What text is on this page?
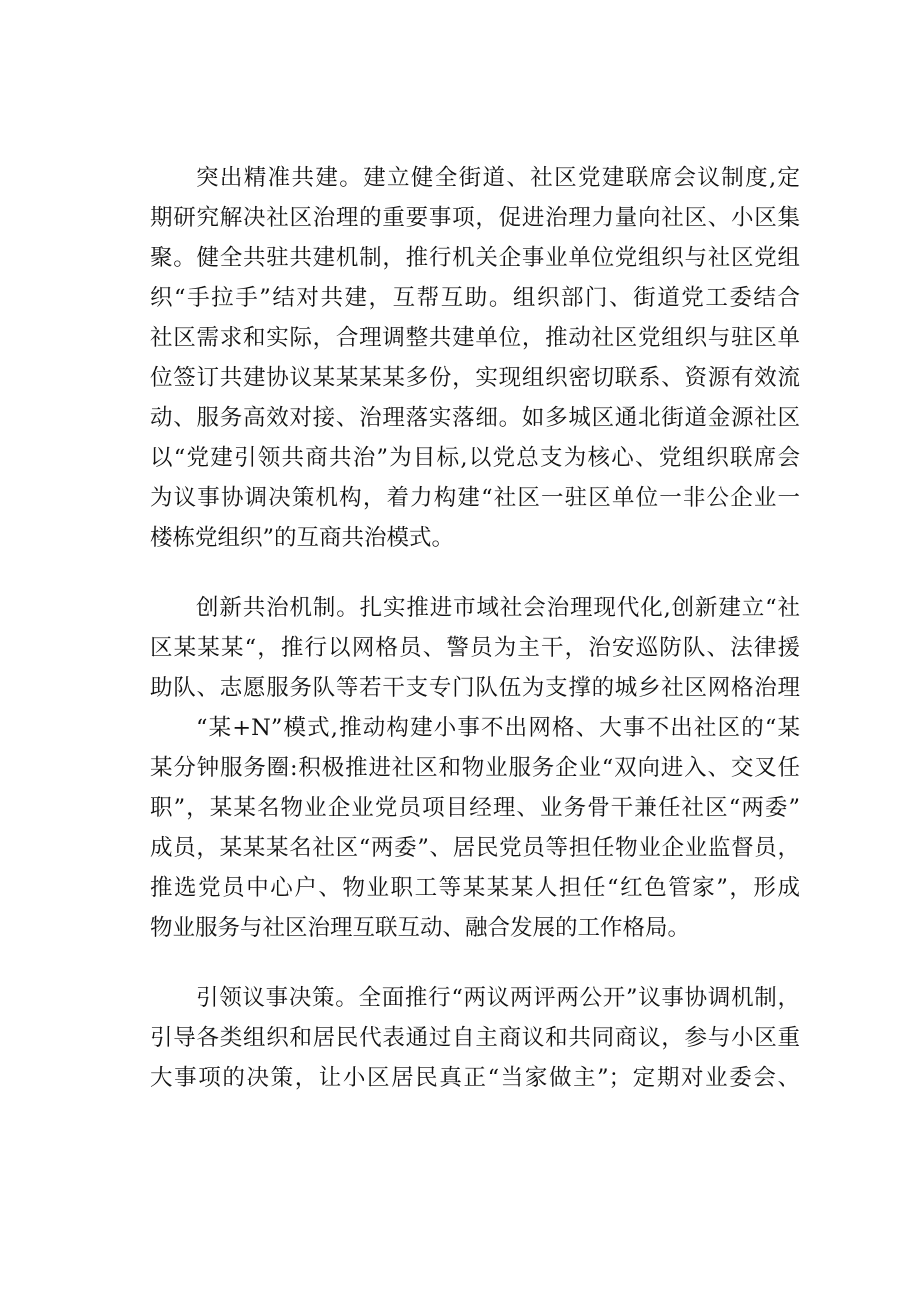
突出精准共建。建立健全街道、社区党建联席会议制度,定
期研究解决社区治理的重要事项，促进治理力量向社区、小区集
聚。健全共驻共建机制，推行机关企事业单位党组织与社区党组
织“手拉手”结对共建，互帮互助。组织部门、街道党工委结合
社区需求和实际，合理调整共建单位，推动社区党组织与驻区单
位签订共建协议某某某某多份，实现组织密切联系、资源有效流
动、服务高效对接、治理落实落细。如多城区通北街道金源社区
以“党建引领共商共治”为目标,以党总支为核心、党组织联席会
为议事协调决策机构，着力构建“社区一驻区单位一非公企业一
楼栋党组织”的互商共治模式。
创新共治机制。扎实推进市域社会治理现代化,创新建立“社
区某某某“，推行以网格员、警员为主干，治安巡防队、法律援
助队、志愿服务队等若干支专门队伍为支撑的城乡社区网格治理
“某+N”模式,推动构建小事不出网格、大事不出社区的“某
某分钟服务圈:积极推进社区和物业服务企业“双向进入、交叉任
职”，某某名物业企业党员项目经理、业务骨干兼任社区“两委”
成员，某某某名社区“两委”、居民党员等担任物业企业监督员，
推选党员中心户、物业职工等某某某人担任“红色管家”，形成
物业服务与社区治理互联互动、融合发展的工作格局。
引领议事决策。全面推行“两议两评两公开”议事协调机制，
引导各类组织和居民代表通过自主商议和共同商议，参与小区重
大事项的决策，让小区居民真正“当家做主”；定期对业委会、
